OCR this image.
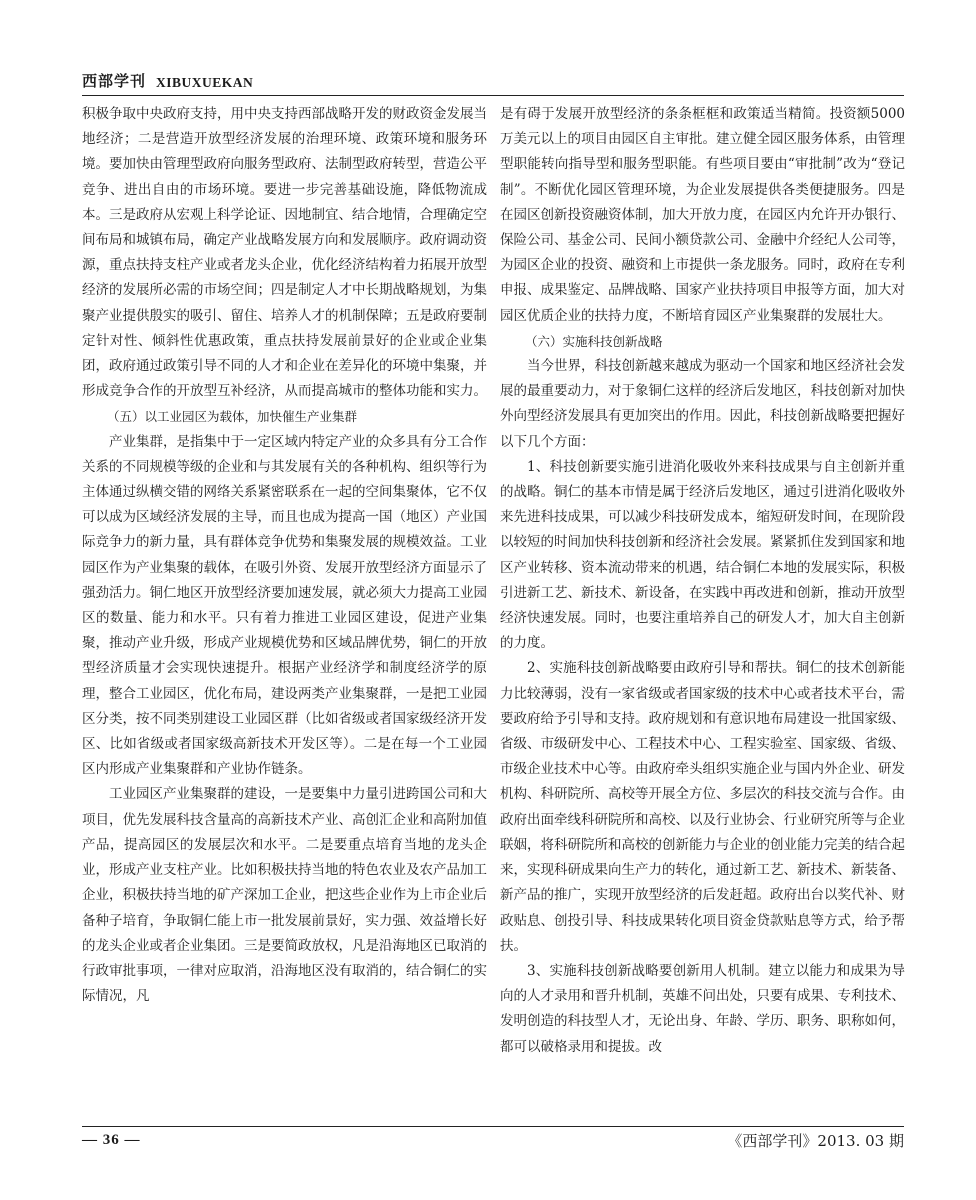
西部学刊 XIBUXUEKAN

积极争取中央政府支持，用中央支持西部战略开发的财政资金发展当地经济；二是营造开放型经济发展的治理环境、政策环境和服务环境。要加快由管理型政府向服务型政府、法制型政府转型，营造公平竞争、进出自由的市场环境。要进一步完善基础设施，降低物流成本。三是政府从宏观上科学论证、因地制宜、结合地情，合理确定空间布局和城镇布局，确定产业战略发展方向和发展顺序。政府调动资源，重点扶持支柱产业或者龙头企业，优化经济结构着力拓展开放型经济的发展所必需的市场空间；四是制定人才中长期战略规划，为集聚产业提供殷实的吸引、留住、培养人才的机制保障；五是政府要制定针对性、倾斜性优惠政策，重点扶持发展前景好的企业或企业集团，政府通过政策引导不同的人才和企业在差异化的环境中集聚，并形成竞争合作的开放型互补经济，从而提高城市的整体功能和实力。

（五）以工业园区为载体，加快催生产业集群

产业集群，是指集中于一定区域内特定产业的众多具有分工合作关系的不同规模等级的企业和与其发展有关的各种机构、组织等行为主体通过纵横交错的网络关系紧密联系在一起的空间集聚体，它不仅可以成为区域经济发展的主导，而且也成为提高一国（地区）产业国际竞争力的新力量，具有群体竞争优势和集聚发展的规模效益。工业园区作为产业集聚的载体，在吸引外资、发展开放型经济方面显示了强劲活力。铜仁地区开放型经济要加速发展，就必须大力提高工业园区的数量、能力和水平。只有着力推进工业园区建设，促进产业集聚，推动产业升级，形成产业规模优势和区域品牌优势，铜仁的开放型经济质量才会实现快速提升。根据产业经济学和制度经济学的原理，整合工业园区，优化布局，建设两类产业集聚群，一是把工业园区分类，按不同类别建设工业园区群（比如省级或者国家级经济开发区、比如省级或者国家级高新技术开发区等）。二是在每一个工业园区内形成产业集聚群和产业协作链条。

工业园区产业集聚群的建设，一是要集中力量引进跨国公司和大项目，优先发展科技含量高的高新技术产业、高创汇企业和高附加值产品，提高园区的发展层次和水平。二是要重点培育当地的龙头企业，形成产业支柱产业。比如积极扶持当地的特色农业及农产品加工企业，积极扶持当地的矿产深加工企业，把这些企业作为上市企业后备种子培育，争取铜仁能上市一批发展前景好，实力强、效益增长好的龙头企业或者企业集团。三是要简政放权，凡是沿海地区已取消的行政审批事项，一律对应取消，沿海地区没有取消的，结合铜仁的实际情况，凡

是有碍于发展开放型经济的条条框框和政策适当精简。投资额5000万美元以上的项目由园区自主审批。建立健全园区服务体系，由管理型职能转向指导型和服务型职能。有些项目要由“审批制”改为“登记制”。不断优化园区管理环境，为企业发展提供各类便捷服务。四是在园区创新投资融资体制，加大开放力度，在园区内允许开办银行、保险公司、基金公司、民间小额贷款公司、金融中介经纪人公司等，为园区企业的投资、融资和上市提供一条龙服务。同时，政府在专利申报、成果鉴定、品牌战略、国家产业扶持项目申报等方面，加大对园区优质企业的扶持力度，不断培育园区产业集聚群的发展壮大。

（六）实施科技创新战略

当今世界，科技创新越来越成为驱动一个国家和地区经济社会发展的最重要动力，对于象铜仁这样的经济后发地区，科技创新对加快外向型经济发展具有更加突出的作用。因此，科技创新战略要把握好以下几个方面：

1、科技创新要实施引进消化吸收外来科技成果与自主创新并重的战略。铜仁的基本市情是属于经济后发地区，通过引进消化吸收外来先进科技成果，可以减少科技研发成本，缩短研发时间，在现阶段以较短的时间加快科技创新和经济社会发展。紧紧抓住发到国家和地区产业转移、资本流动带来的机遇，结合铜仁本地的发展实际，积极引进新工艺、新技术、新设备，在实践中再改进和创新，推动开放型经济快速发展。同时，也要注重培养自己的研发人才，加大自主创新的力度。

2、实施科技创新战略要由政府引导和帮扶。铜仁的技术创新能力比较薄弱，没有一家省级或者国家级的技术中心或者技术平台，需要政府给予引导和支持。政府规划和有意识地布局建设一批国家级、省级、市级研发中心、工程技术中心、工程实验室、国家级、省级、市级企业技术中心等。由政府牵头组织实施企业与国内外企业、研发机构、科研院所、高校等开展全方位、多层次的科技交流与合作。由政府出面牵线科研院所和高校、以及行业协会、行业研究所等与企业联姻，将科研院所和高校的创新能力与企业的创业能力完美的结合起来，实现科研成果向生产力的转化，通过新工艺、新技术、新装备、新产品的推广，实现开放型经济的后发赶超。政府出台以奖代补、财政贴息、创投引导、科技成果转化项目资金贷款贴息等方式，给予帮扶。

3、实施科技创新战略要创新用人机制。建立以能力和成果为导向的人才录用和晋升机制，英雄不问出处，只要有成果、专利技术、发明创造的科技型人才，无论出身、年龄、学历、职务、职称如何，都可以破格录用和提拔。改

— 36 —	《西部学刊》2013. 03 期
